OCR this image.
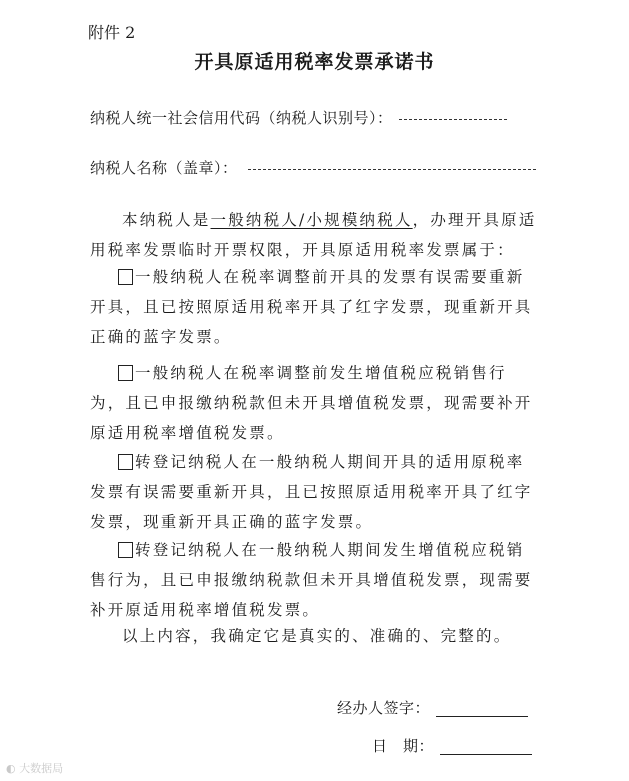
附件 2
开具原适用税率发票承诺书
纳税人统一社会信用代码（纳税人识别号）：
纳税人名称（盖章）：
本纳税人是一般纳税人/小规模纳税人，办理开具原适用税率发票临时开票权限，开具原适用税率发票属于：
一般纳税人在税率调整前开具的发票有误需要重新开具，且已按照原适用税率开具了红字发票，现重新开具正确的蓝字发票。
一般纳税人在税率调整前发生增值税应税销售行为，且已申报缴纳税款但未开具增值税发票，现需要补开原适用税率增值税发票。
转登记纳税人在一般纳税人期间开具的适用原税率发票有误需要重新开具，且已按照原适用税率开具了红字发票，现重新开具正确的蓝字发票。
转登记纳税人在一般纳税人期间发生增值税应税销售行为，且已申报缴纳税款但未开具增值税发票，现需要补开原适用税率增值税发票。
以上内容，我确定它是真实的、准确的、完整的。
经办人签字：
日　期：
◐ 大数据局
